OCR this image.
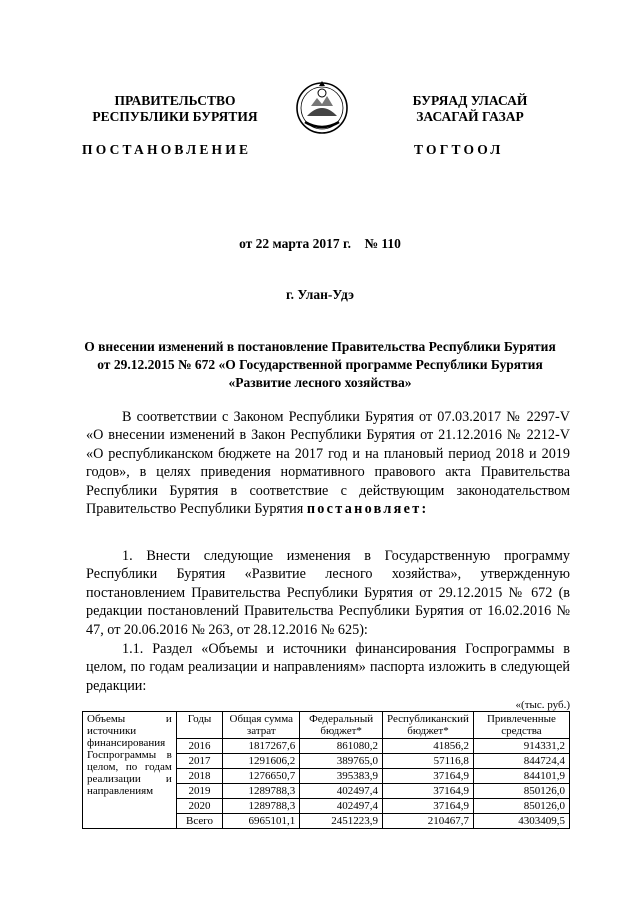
ПРАВИТЕЛЬСТВО
РЕСПУБЛИКИ БУРЯТИЯ
БУРЯАД УЛАСАЙ
ЗАСАГАЙ ГАЗАР
ПОСТАНОВЛЕНИЕ	ТОГТООЛ
от 22 марта 2017 г.    № 110
г. Улан-Удэ
О внесении изменений в постановление Правительства Республики Бурятия от 29.12.2015 № 672 «О Государственной программе Республики Бурятия «Развитие лесного хозяйства»
В соответствии с Законом Республики Бурятия от 07.03.2017 № 2297-V «О внесении изменений в Закон Республики Бурятия от 21.12.2016 № 2212-V «О республиканском бюджете на 2017 год и на плановый период 2018 и 2019 годов», в целях приведения нормативного правового акта Правительства Республики Бурятия в соответствие с действующим законодательством Правительство Республики Бурятия постановляет:
1. Внести следующие изменения в Государственную программу Республики Бурятия «Развитие лесного хозяйства», утвержденную постановлением Правительства Республики Бурятия от 29.12.2015 № 672 (в редакции постановлений Правительства Республики Бурятия от 16.02.2016 № 47, от 20.06.2016 № 263, от 28.12.2016 № 625):
1.1. Раздел «Объемы и источники финансирования Госпрограммы в целом, по годам реализации и направлениям» паспорта изложить в следующей редакции:
«(тыс. руб.)
Объемы и источники финансирования Госпрограммы в целом, по годам реализации и направлениям	Годы	Общая сумма затрат	Федеральный бюджет*	Республиканский бюджет*	Привлеченные средства
	2016	1817267,6	861080,2	41856,2	914331,2
	2017	1291606,2	389765,0	57116,8	844724,4
	2018	1276650,7	395383,9	37164,9	844101,9
	2019	1289788,3	402497,4	37164,9	850126,0
	2020	1289788,3	402497,4	37164,9	850126,0
	Всего	6965101,1	2451223,9	210467,7	4303409,5
